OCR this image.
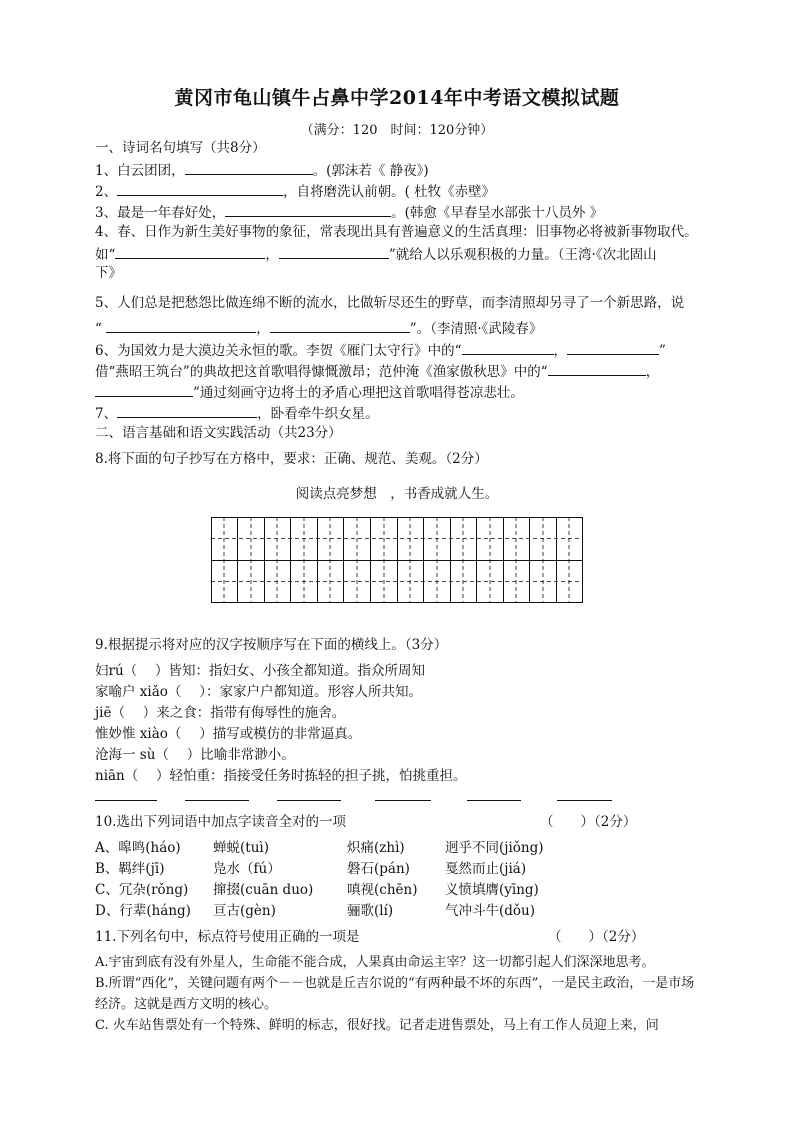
黄冈市龟山镇牛占鼻中学2014年中考语文模拟试题
（满分：120　时间：120分钟）
一、诗词名句填写（共8分）
1、白云团团，	。(郭沫若《 静夜》)
2、	，自将磨洗认前朝。( 杜牧《赤壁》
3、最是一年春好处，	。(韩愈《早春呈水部张十八员外 》
4、春、日作为新生美好事物的象征，常表现出具有普遍意义的生活真理：旧事物必将被新事物取代。
如“	，	”就给人以乐观积极的力量。（王湾·《次北固山
下》
5、人们总是把愁怨比做连绵不断的流水，比做斩尽还生的野草，而李清照却另寻了一个新思路，说
“	，	”。（李清照·《武陵春》
6、为国效力是大漠边关永恒的歌。李贺《雁门太守行》中的“	，	”
借“燕昭王筑台”的典故把这首歌唱得慷慨激昂；范仲淹《渔家傲秋思》中的“	，
”通过刻画守边将士的矛盾心理把这首歌唱得苍凉悲壮。
7、	，卧看牵牛织女星。
二、语言基础和语文实践活动（共23分）
8.将下面的句子抄写在方格中，要求：正确、规范、美观。（2分）
阅读点亮梦想　，书香成就人生。
9.根据提示将对应的汉字按顺序写在下面的横线上。（3分）
妇rú（　 ）皆知：指妇女、小孩全都知道。指众所周知
家喻户 xiǎo（　 ）：家家户户都知道。形容人所共知。
jiē（　 ）来之食：指带有侮辱性的施舍。
惟妙惟 xiào（　 ）描写或模仿的非常逼真。
沧海一 sù（　 ）比喻非常渺小。
niān（　 ）轻怕重：指接受任务时拣轻的担子挑，怕挑重担。
10.选出下列词语中加点字读音全对的一项	（　　）（2分）
A、嗥鸣(háo) 蝉蜕(tuì)	炽痛(zhì)	迥乎不同(jiǒng)
B、羁绊(jī)	凫水（fú）	磐石(pán)	戛然而止(jiá)
C、冗杂(rǒng) 撺掇(cuān duo) 嗔视(chēn) 义愤填膺(yīng)
D、行辈(háng) 亘古(gèn)	骊歌(lí)	气冲斗牛(dǒu)
11.下列名句中，标点符号使用正确的一项是	（　　）（2分）
A.宇宙到底有没有外星人，生命能不能合成，人果真由命运主宰？这一切都引起人们深深地思考。
B.所谓“西化”，关键问题有两个－－也就是丘吉尔说的“有两种最不坏的东西”，一是民主政治，一是市场经济。这就是西方文明的核心。
C. 火车站售票处有一个特殊、鲜明的标志，很好找。记者走进售票处，马上有工作人员迎上来，问
